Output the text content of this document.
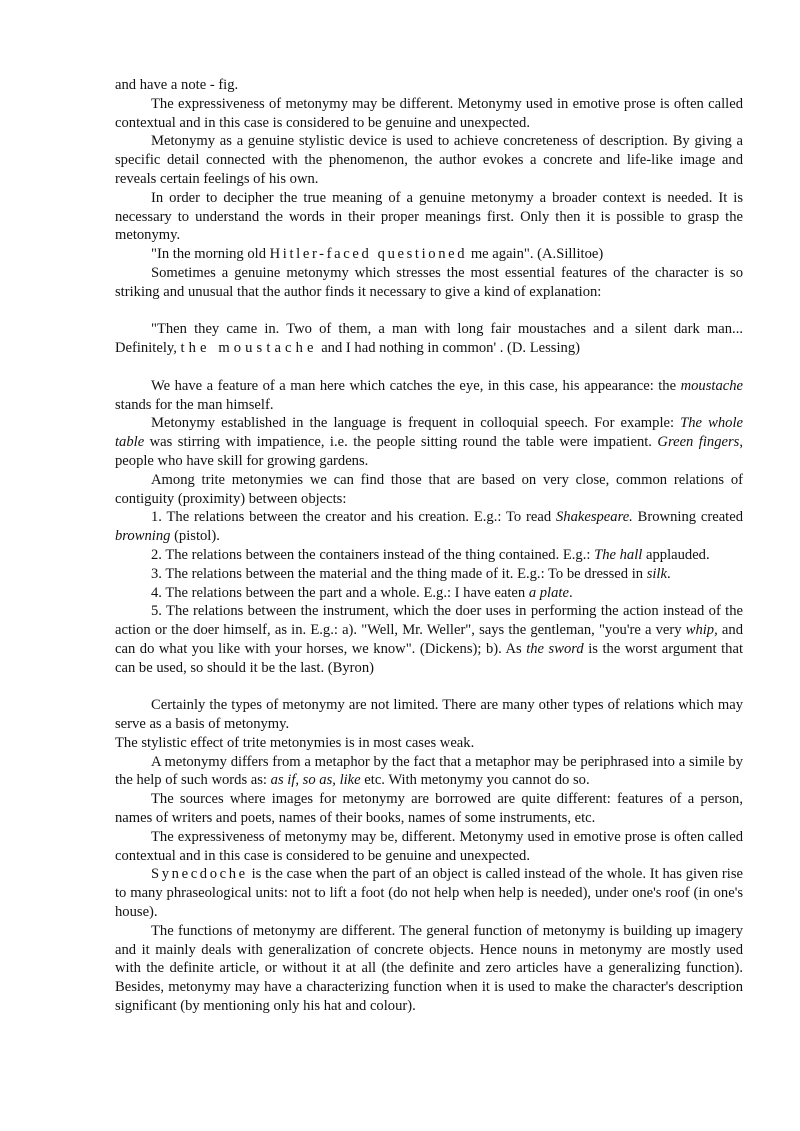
and have a note - fig.

The expressiveness of metonymy may be different. Metonymy used in emotive prose is often called contextual and in this case is considered to be genuine and unexpected.

Metonymy as a genuine stylistic device is used to achieve concreteness of description. By giving a specific detail connected with the phenomenon, the author evokes a concrete and life-like image and reveals certain feelings of his own.

In order to decipher the true meaning of a genuine metonymy a broader context is needed. It is necessary to understand the words in their proper meanings first. Only then it is possible to grasp the metonymy.

"In the morning old Hitler-faced questioned me again". (A.Sillitoe)

Sometimes a genuine metonymy which stresses the most essential features of the character is so striking and unusual that the author finds it necessary to give a kind of explanation:

"Then they came in. Two of them, a man with long fair moustaches and a silent dark man... Definitely, the moustache and I had nothing in common' . (D. Lessing)

We have a feature of a man here which catches the eye, in this case, his appearance: the moustache stands for the man himself.

Metonymy established in the language is frequent in colloquial speech. For example: The whole table was stirring with impatience, i.e. the people sitting round the table were impatient. Green fingers, people who have skill for growing gardens.

Among trite metonymies we can find those that are based on very close, common relations of contiguity (proximity) between objects:

1. The relations between the creator and his creation. E.g.: To read Shakespeare. Browning created browning (pistol).

2. The relations between the containers instead of the thing contained. E.g.: The hall applauded.

3. The relations between the material and the thing made of it. E.g.: To be dressed in silk.

4. The relations between the part and a whole. E.g.: I have eaten a plate.

5. The relations between the instrument, which the doer uses in performing the action instead of the action or the doer himself, as in. E.g.: a). "Well, Mr. Weller", says the gentleman, "you're a very whip, and can do what you like with your horses, we know". (Dickens); b). As the sword is the worst argument that can be used, so should it be the last. (Byron)

Certainly the types of metonymy are not limited. There are many other types of relations which may serve as a basis of metonymy.

The stylistic effect of trite metonymies is in most cases weak.

A metonymy differs from a metaphor by the fact that a metaphor may be periphrased into a simile by the help of such words as: as if, so as, like etc. With metonymy you cannot do so.

The sources where images for metonymy are borrowed are quite different: features of a person, names of writers and poets, names of their books, names of some instruments, etc.

The expressiveness of metonymy may be, different. Metonymy used in emotive prose is often called contextual and in this case is considered to be genuine and unexpected.

Synecdoche is the case when the part of an object is called instead of the whole. It has given rise to many phraseological units: not to lift a foot (do not help when help is needed), under one's roof (in one's house).

The functions of metonymy are different. The general function of metonymy is building up imagery and it mainly deals with generalization of concrete objects. Hence nouns in metonymy are mostly used with the definite article, or without it at all (the definite and zero articles have a generalizing function). Besides, metonymy may have a characterizing function when it is used to make the character's description significant (by mentioning only his hat and colour).
